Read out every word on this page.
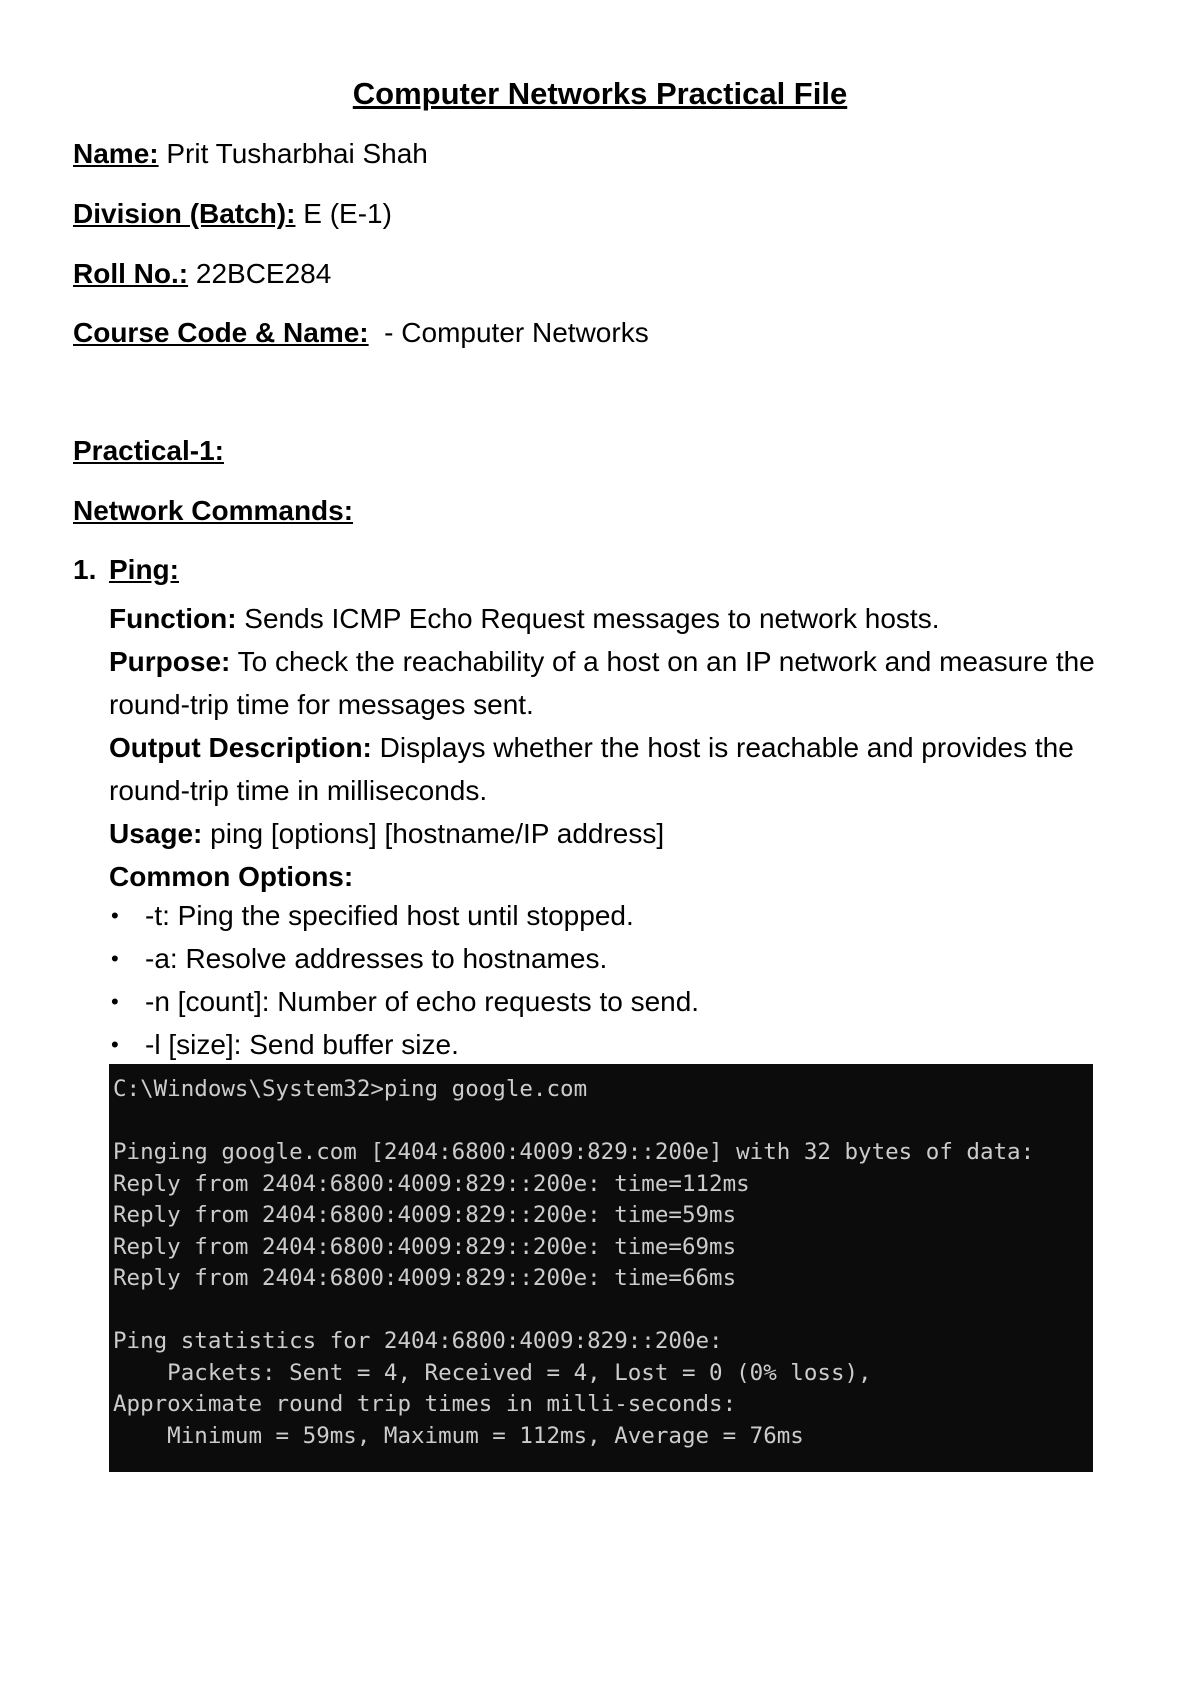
Computer Networks Practical File
Name: Prit Tusharbhai Shah
Division (Batch): E (E-1)
Roll No.: 22BCE284
Course Code & Name:  - Computer Networks
Practical-1:
Network Commands:
1. Ping:
Function: Sends ICMP Echo Request messages to network hosts.
Purpose: To check the reachability of a host on an IP network and measure the round-trip time for messages sent.
Output Description: Displays whether the host is reachable and provides the round-trip time in milliseconds.
Usage: ping [options] [hostname/IP address]
Common Options:
• -t: Ping the specified host until stopped.
• -a: Resolve addresses to hostnames.
• -n [count]: Number of echo requests to send.
• -l [size]: Send buffer size.
C:\Windows\System32>ping google.com

Pinging google.com [2404:6800:4009:829::200e] with 32 bytes of data:
Reply from 2404:6800:4009:829::200e: time=112ms
Reply from 2404:6800:4009:829::200e: time=59ms
Reply from 2404:6800:4009:829::200e: time=69ms
Reply from 2404:6800:4009:829::200e: time=66ms

Ping statistics for 2404:6800:4009:829::200e:
Packets: Sent = 4, Received = 4, Lost = 0 (0% loss),
Approximate round trip times in milli-seconds:
Minimum = 59ms, Maximum = 112ms, Average = 76ms
